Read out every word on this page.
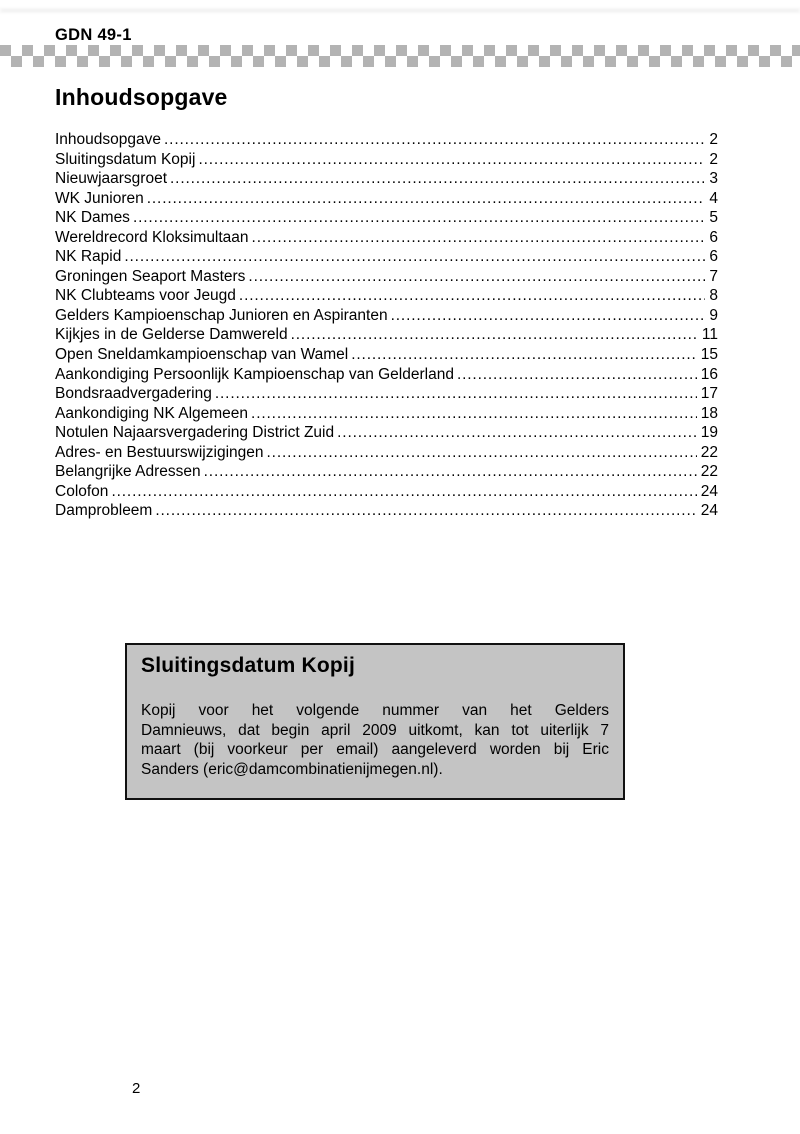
GDN 49-1
Inhoudsopgave
Inhoudsopgave .....	2
Sluitingsdatum Kopij .....	2
Nieuwjaarsgroet .....	3
WK Junioren .....	4
NK Dames .....	5
Wereldrecord Kloksimultaan .....	6
NK Rapid .....	6
Groningen Seaport Masters .....	7
NK Clubteams voor Jeugd .....	8
Gelders Kampioenschap Junioren en Aspiranten .....	9
Kijkjes in de Gelderse Damwereld .....	11
Open Sneldamkampioenschap van Wamel .....	15
Aankondiging Persoonlijk Kampioenschap van Gelderland .....	16
Bondsraadvergadering .....	17
Aankondiging NK Algemeen .....	18
Notulen Najaarsvergadering District Zuid .....	19
Adres- en Bestuurswijzigingen .....	22
Belangrijke Adressen .....	22
Colofon .....	24
Damprobleem .....	24
Sluitingsdatum Kopij
Kopij voor het volgende nummer van het Gelders
Damnieuws, dat begin april 2009 uitkomt, kan tot uiterlijk 7
maart (bij voorkeur per email) aangeleverd worden bij Eric
Sanders (eric@damcombinatienijmegen.nl).
2
